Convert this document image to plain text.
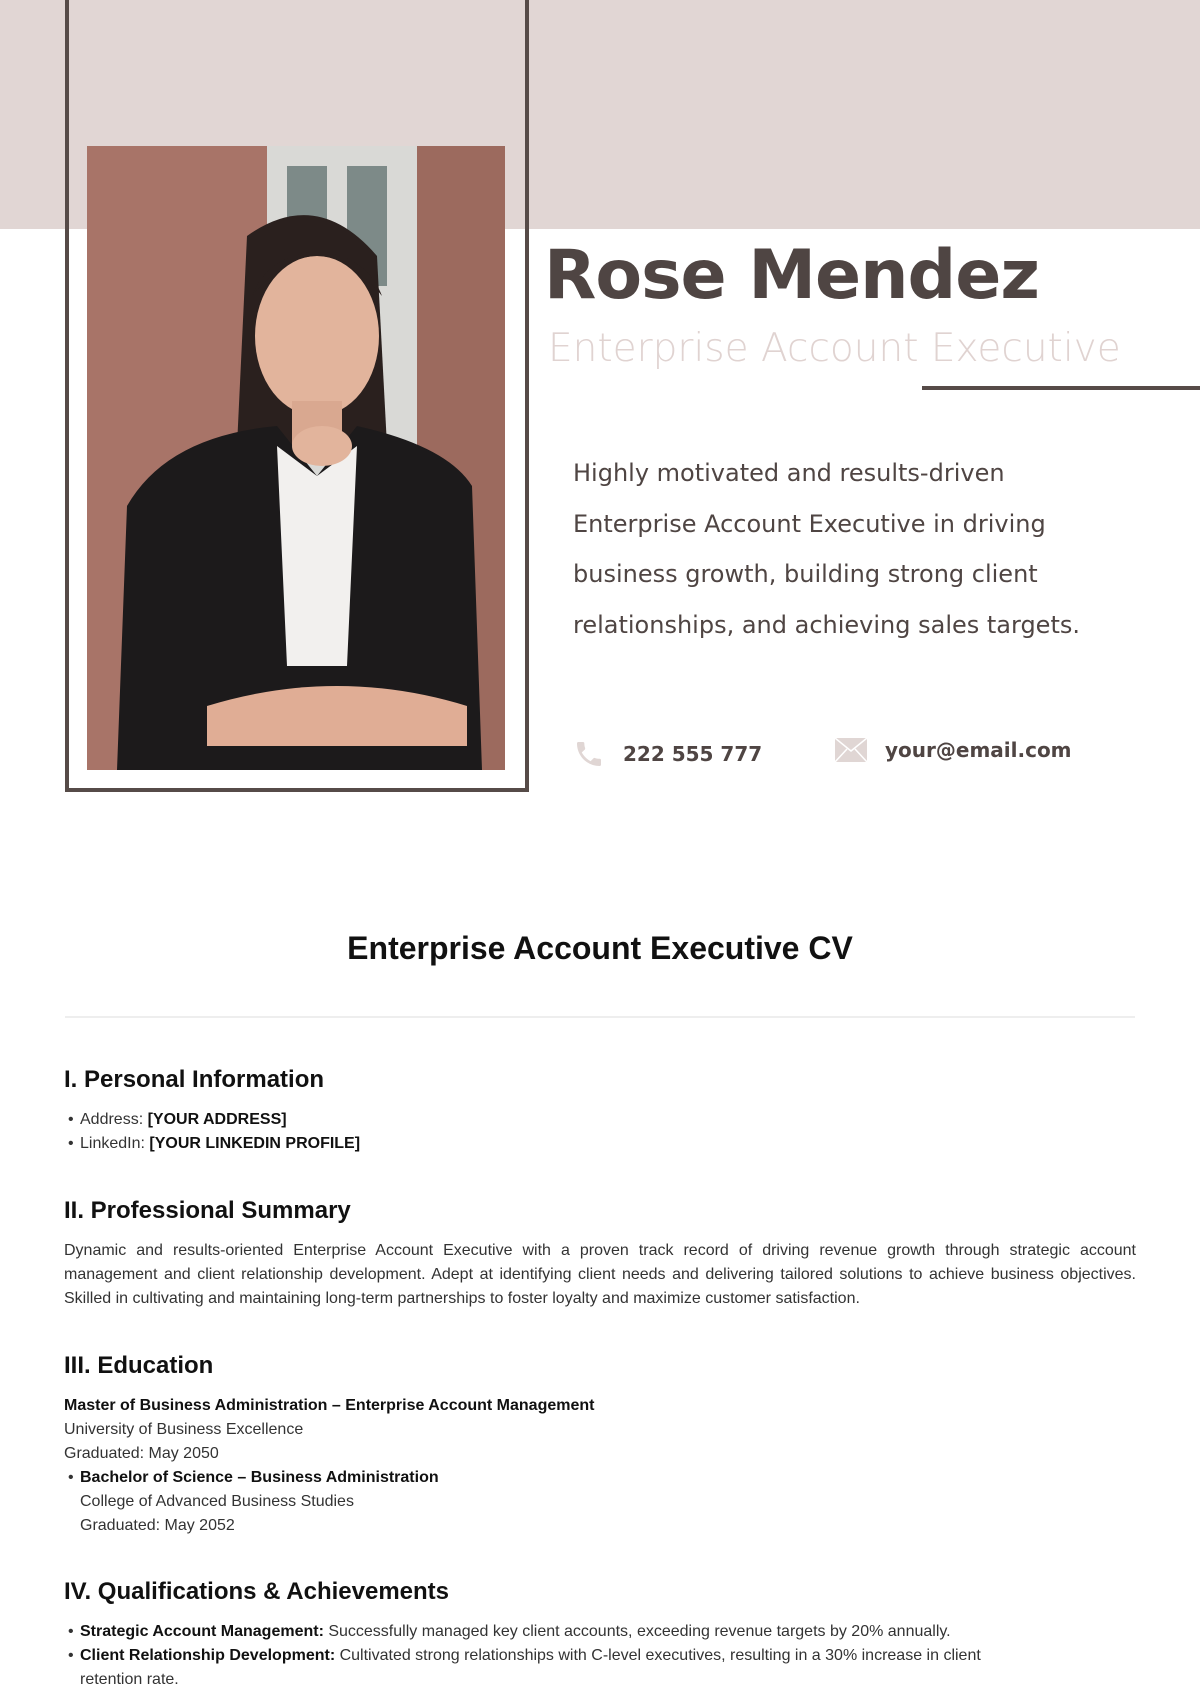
Rose Mendez
Enterprise Account Executive
Highly motivated and results-driven Enterprise Account Executive in driving business growth, building strong client relationships, and achieving sales targets.
222 555 777	your@email.com
Enterprise Account Executive CV
I. Personal Information
• Address: [YOUR ADDRESS]
• LinkedIn: [YOUR LINKEDIN PROFILE]
II. Professional Summary

Dynamic and results-oriented Enterprise Account Executive with a proven track record of driving revenue growth through strategic account management and client relationship development. Adept at identifying client needs and delivering tailored solutions to achieve business objectives. Skilled in cultivating and maintaining long-term partnerships to foster loyalty and maximize customer satisfaction.

III. Education

Master of Business Administration – Enterprise Account Management

University of Business Excellence

Graduated: May 2050

• Bachelor of Science – Business Administration
College of Advanced Business Studies
Graduated: May 2052
IV. Qualifications & Achievements
• Strategic Account Management: Successfully managed key client accounts, exceeding revenue targets by 20% annually.
• Client Relationship Development: Cultivated strong relationships with C-level executives, resulting in a 30% increase in client retention rate.
